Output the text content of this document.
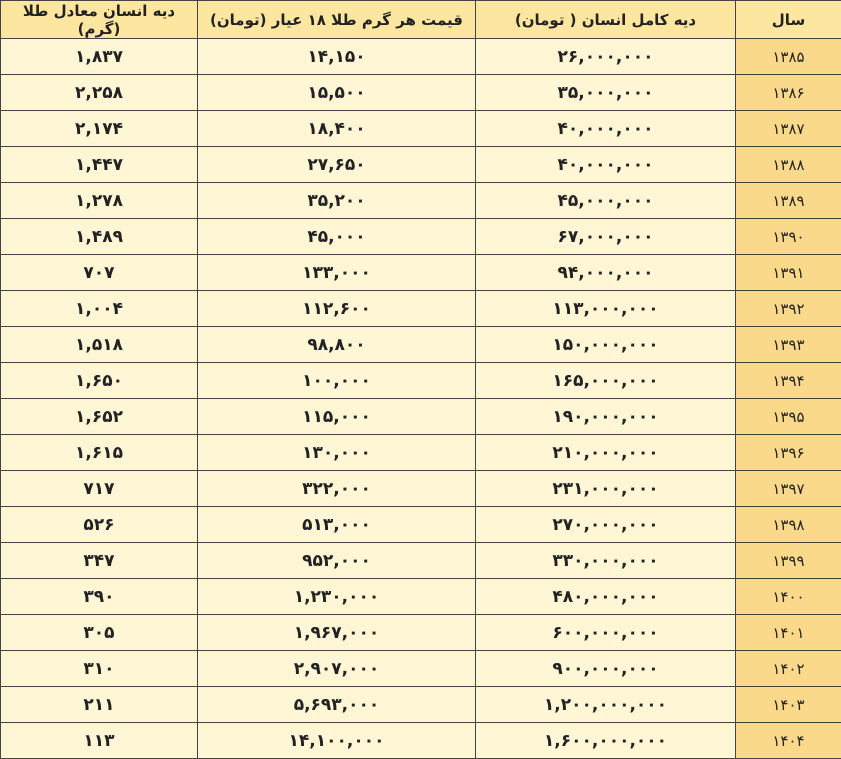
سال	دیه کامل انسان ( تومان)	قیمت هر گرم طلا ۱۸ عیار (تومان)	دیه انسان معادل طلا (گرم)
۱۳۸۵	۲۶,۰۰۰,۰۰۰	۱۴,۱۵۰	۱,۸۳۷
۱۳۸۶	۳۵,۰۰۰,۰۰۰	۱۵,۵۰۰	۲,۲۵۸
۱۳۸۷	۴۰,۰۰۰,۰۰۰	۱۸,۴۰۰	۲,۱۷۴
۱۳۸۸	۴۰,۰۰۰,۰۰۰	۲۷,۶۵۰	۱,۴۴۷
۱۳۸۹	۴۵,۰۰۰,۰۰۰	۳۵,۲۰۰	۱,۲۷۸
۱۳۹۰	۶۷,۰۰۰,۰۰۰	۴۵,۰۰۰	۱,۴۸۹
۱۳۹۱	۹۴,۰۰۰,۰۰۰	۱۳۳,۰۰۰	۷۰۷
۱۳۹۲	۱۱۳,۰۰۰,۰۰۰	۱۱۲,۶۰۰	۱,۰۰۴
۱۳۹۳	۱۵۰,۰۰۰,۰۰۰	۹۸,۸۰۰	۱,۵۱۸
۱۳۹۴	۱۶۵,۰۰۰,۰۰۰	۱۰۰,۰۰۰	۱,۶۵۰
۱۳۹۵	۱۹۰,۰۰۰,۰۰۰	۱۱۵,۰۰۰	۱,۶۵۲
۱۳۹۶	۲۱۰,۰۰۰,۰۰۰	۱۳۰,۰۰۰	۱,۶۱۵
۱۳۹۷	۲۳۱,۰۰۰,۰۰۰	۳۲۲,۰۰۰	۷۱۷
۱۳۹۸	۲۷۰,۰۰۰,۰۰۰	۵۱۳,۰۰۰	۵۲۶
۱۳۹۹	۳۳۰,۰۰۰,۰۰۰	۹۵۲,۰۰۰	۳۴۷
۱۴۰۰	۴۸۰,۰۰۰,۰۰۰	۱,۲۳۰,۰۰۰	۳۹۰
۱۴۰۱	۶۰۰,۰۰۰,۰۰۰	۱,۹۶۷,۰۰۰	۳۰۵
۱۴۰۲	۹۰۰,۰۰۰,۰۰۰	۲,۹۰۷,۰۰۰	۳۱۰
۱۴۰۳	۱,۲۰۰,۰۰۰,۰۰۰	۵,۶۹۳,۰۰۰	۲۱۱
۱۴۰۴	۱,۶۰۰,۰۰۰,۰۰۰	۱۴,۱۰۰,۰۰۰	۱۱۳
